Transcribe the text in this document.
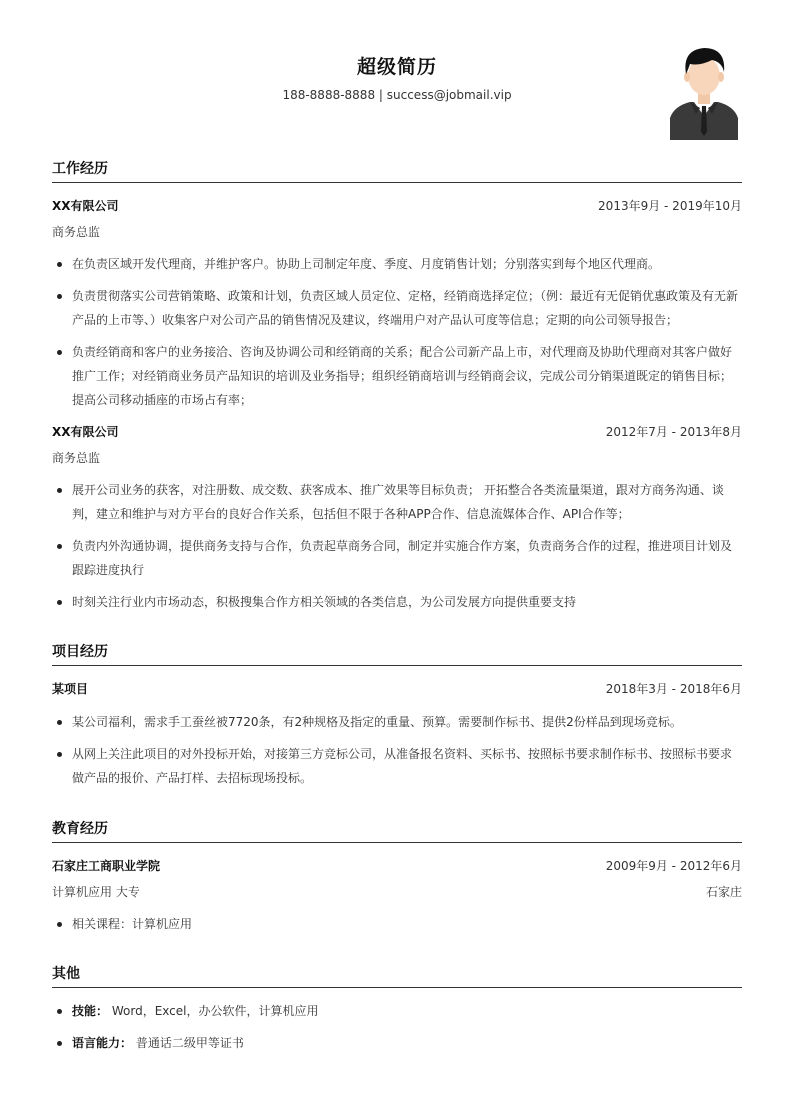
超级简历
188-8888-8888 | success@jobmail.vip
工作经历
XX有限公司	2013年9月 - 2019年10月
商务总监
在负责区域开发代理商，并维护客户。协助上司制定年度、季度、月度销售计划；分别落实到每个地区代理商。
负责贯彻落实公司营销策略、政策和计划，负责区域人员定位、定格，经销商选择定位；（例：最近有无促销优惠政策及有无新产品的上市等、）收集客户对公司产品的销售情况及建议，终端用户对产品认可度等信息；定期的向公司领导报告；
负责经销商和客户的业务接洽、咨询及协调公司和经销商的关系；配合公司新产品上市，对代理商及协助代理商对其客户做好推广工作；对经销商业务员产品知识的培训及业务指导；组织经销商培训与经销商会议，完成公司分销渠道既定的销售目标；提高公司移动插座的市场占有率；
XX有限公司	2012年7月 - 2013年8月
商务总监
展开公司业务的获客，对注册数、成交数、获客成本、推广效果等目标负责； 开拓整合各类流量渠道，跟对方商务沟通、谈判，建立和维护与对方平台的良好合作关系，包括但不限于各种APP合作、信息流媒体合作、API合作等；
负责内外沟通协调，提供商务支持与合作，负责起草商务合同，制定并实施合作方案，负责商务合作的过程，推进项目计划及跟踪进度执行
时刻关注行业内市场动态，积极搜集合作方相关领域的各类信息，为公司发展方向提供重要支持
项目经历
某项目	2018年3月 - 2018年6月
某公司福利，需求手工蚕丝被7720条，有2种规格及指定的重量、预算。需要制作标书、提供2份样品到现场竞标。
从网上关注此项目的对外投标开始，对接第三方竞标公司，从准备报名资料、买标书、按照标书要求制作标书、按照标书要求做产品的报价、产品打样、去招标现场投标。
教育经历
石家庄工商职业学院	2009年9月 - 2012年6月
计算机应用 大专	石家庄
相关课程：计算机应用
其他
技能： Word，Excel，办公软件，计算机应用
语言能力： 普通话二级甲等证书
